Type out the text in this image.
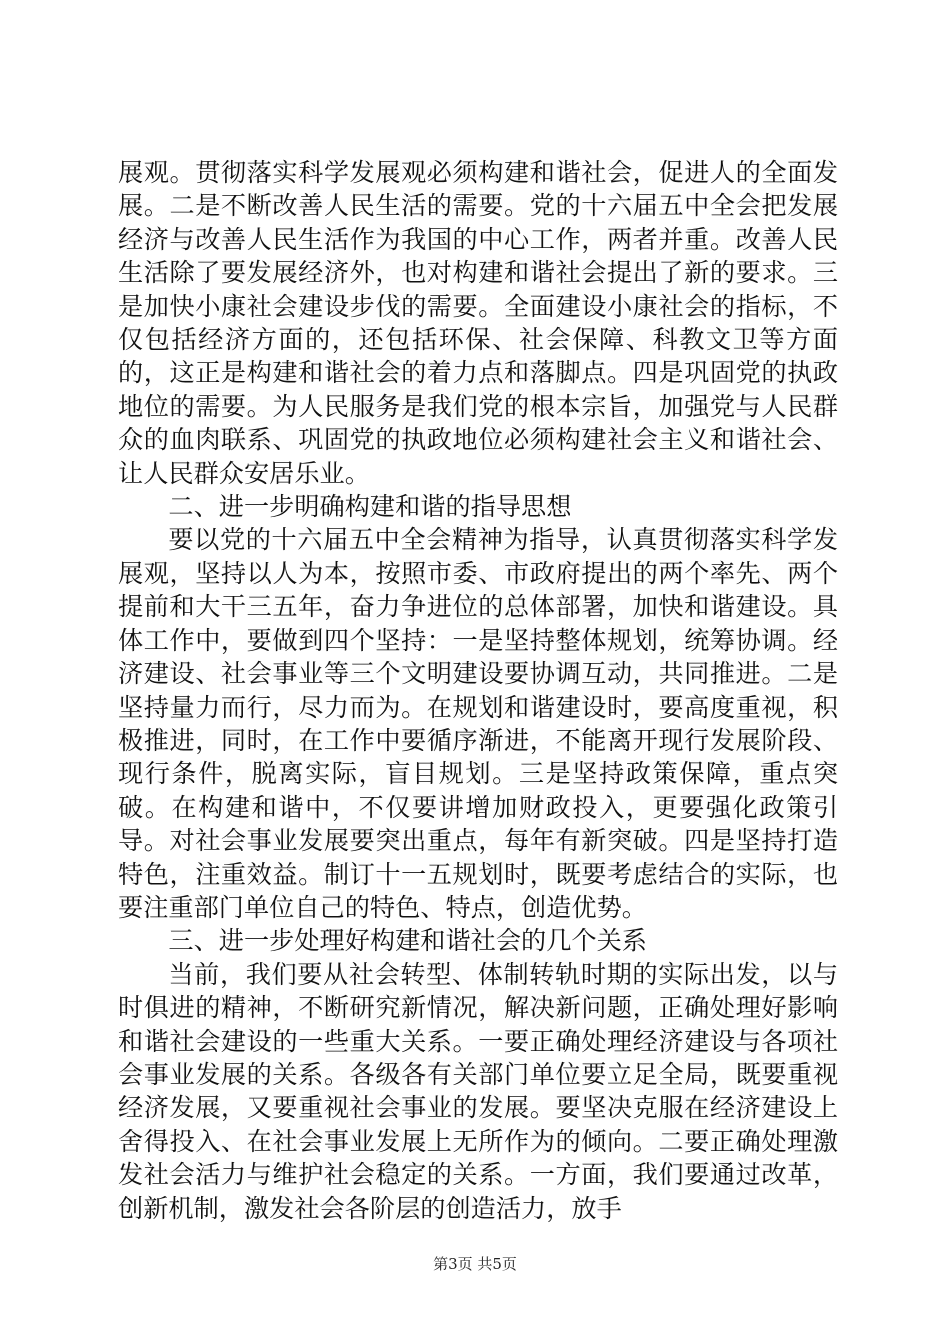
展观。贯彻落实科学发展观必须构建和谐社会，促进人的全面发展。二是不断改善人民生活的需要。党的十六届五中全会把发展经济与改善人民生活作为我国的中心工作，两者并重。改善人民生活除了要发展经济外，也对构建和谐社会提出了新的要求。三是加快小康社会建设步伐的需要。全面建设小康社会的指标，不仅包括经济方面的，还包括环保、社会保障、科教文卫等方面的，这正是构建和谐社会的着力点和落脚点。四是巩固党的执政地位的需要。为人民服务是我们党的根本宗旨，加强党与人民群众的血肉联系、巩固党的执政地位必须构建社会主义和谐社会、让人民群众安居乐业。

二、进一步明确构建和谐的指导思想

要以党的十六届五中全会精神为指导，认真贯彻落实科学发展观，坚持以人为本，按照市委、市政府提出的两个率先、两个提前和大干三五年，奋力争进位的总体部署，加快和谐建设。具体工作中，要做到四个坚持：一是坚持整体规划，统筹协调。经济建设、社会事业等三个文明建设要协调互动，共同推进。二是坚持量力而行，尽力而为。在规划和谐建设时，要高度重视，积极推进，同时，在工作中要循序渐进，不能离开现行发展阶段、现行条件，脱离实际，盲目规划。三是坚持政策保障，重点突破。在构建和谐中，不仅要讲增加财政投入，更要强化政策引导。对社会事业发展要突出重点，每年有新突破。四是坚持打造特色，注重效益。制订十一五规划时，既要考虑结合的实际，也要注重部门单位自己的特色、特点，创造优势。

三、进一步处理好构建和谐社会的几个关系

当前，我们要从社会转型、体制转轨时期的实际出发，以与时俱进的精神，不断研究新情况，解决新问题，正确处理好影响和谐社会建设的一些重大关系。一要正确处理经济建设与各项社会事业发展的关系。各级各有关部门单位要立足全局，既要重视经济发展，又要重视社会事业的发展。要坚决克服在经济建设上舍得投入、在社会事业发展上无所作为的倾向。二要正确处理激发社会活力与维护社会稳定的关系。一方面，我们要通过改革，创新机制，激发社会各阶层的创造活力，放手

第3页 共5页
